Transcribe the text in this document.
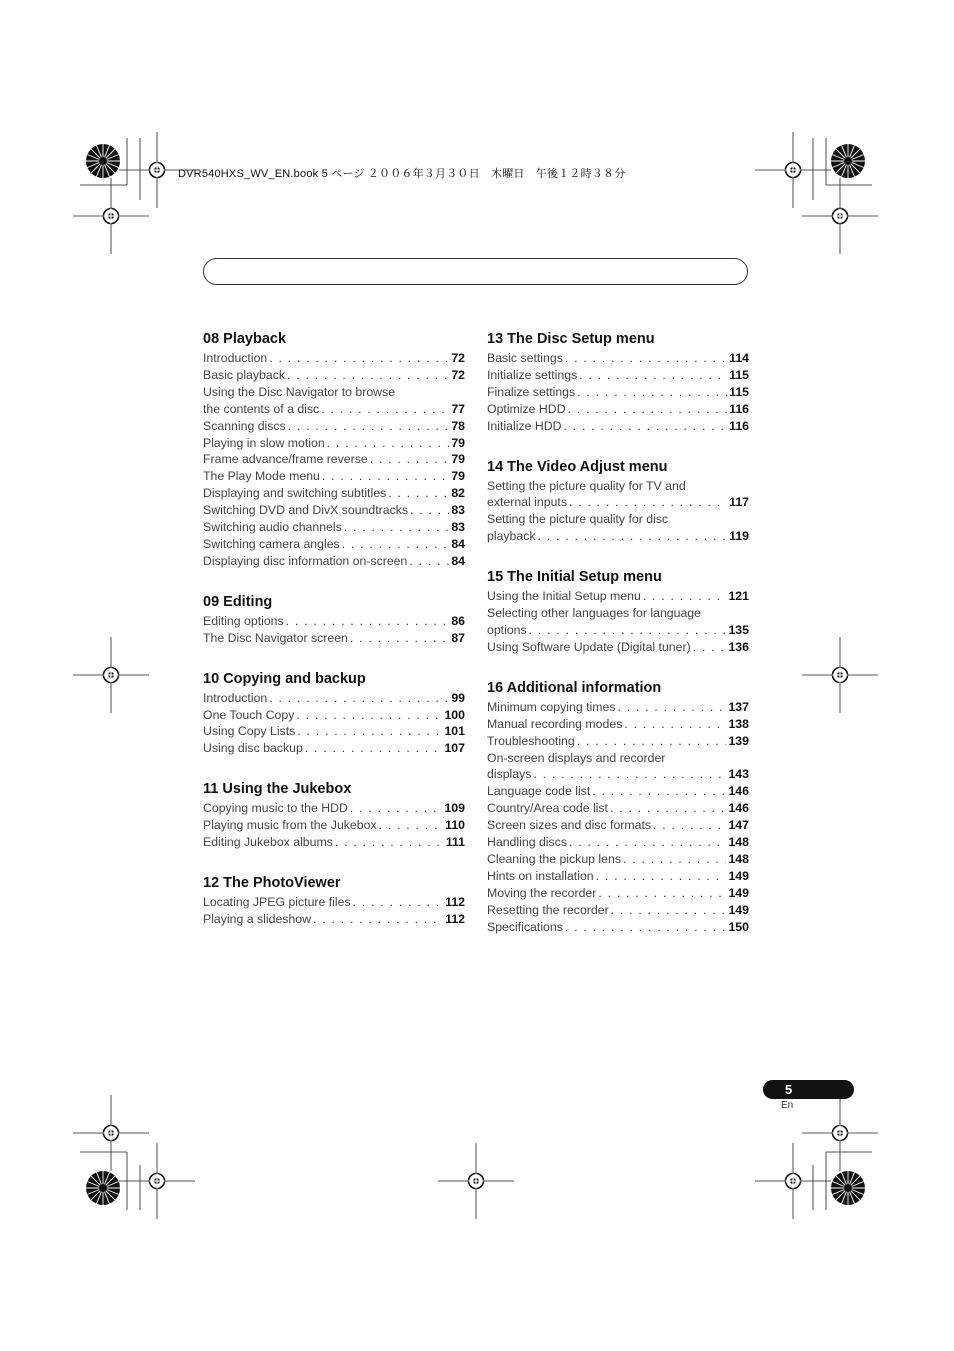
DVR540HXS_WV_EN.book 5 ページ ２００６年３月３０日　木曜日　午後１２時３８分
08 Playback
Introduction . . .	72
Basic playback . . .	72
Using the Disc Navigator to browse
the contents of a disc . . .	77
Scanning discs . . .	78
Playing in slow motion . . .	79
Frame advance/frame reverse . . .	79
The Play Mode menu . . .	79
Displaying and switching subtitles . . .	82
Switching DVD and DivX soundtracks . . .	83
Switching audio channels . . .	83
Switching camera angles . . .	84
Displaying disc information on-screen . . .	84
09 Editing
Editing options . . .	86
The Disc Navigator screen . . .	87
10 Copying and backup
Introduction . . .	99
One Touch Copy . . .	100
Using Copy Lists . . .	101
Using disc backup . . .	107
11 Using the Jukebox
Copying music to the HDD . . .	109
Playing music from the Jukebox . . .	110
Editing Jukebox albums . . .	111
12 The PhotoViewer
Locating JPEG picture files . . .	112
Playing a slideshow . . .	112
13 The Disc Setup menu
Basic settings . . .	114
Initialize settings . . .	115
Finalize settings . . .	115
Optimize HDD . . .	116
Initialize HDD . . .	116
14 The Video Adjust menu
Setting the picture quality for TV and
external inputs . . .	117
Setting the picture quality for disc
playback . . .	119
15 The Initial Setup menu
Using the Initial Setup menu . . .	121
Selecting other languages for language
options . . .	135
Using Software Update (Digital tuner) . . .	136
16 Additional information
Minimum copying times . . .	137
Manual recording modes . . .	138
Troubleshooting . . .	139
On-screen displays and recorder
displays . . .	143
Language code list . . .	146
Country/Area code list . . .	146
Screen sizes and disc formats . . .	147
Handling discs . . .	148
Cleaning the pickup lens . . .	148
Hints on installation . . .	149
Moving the recorder . . .	149
Resetting the recorder . . .	149
Specifications . . .	150
5
En
